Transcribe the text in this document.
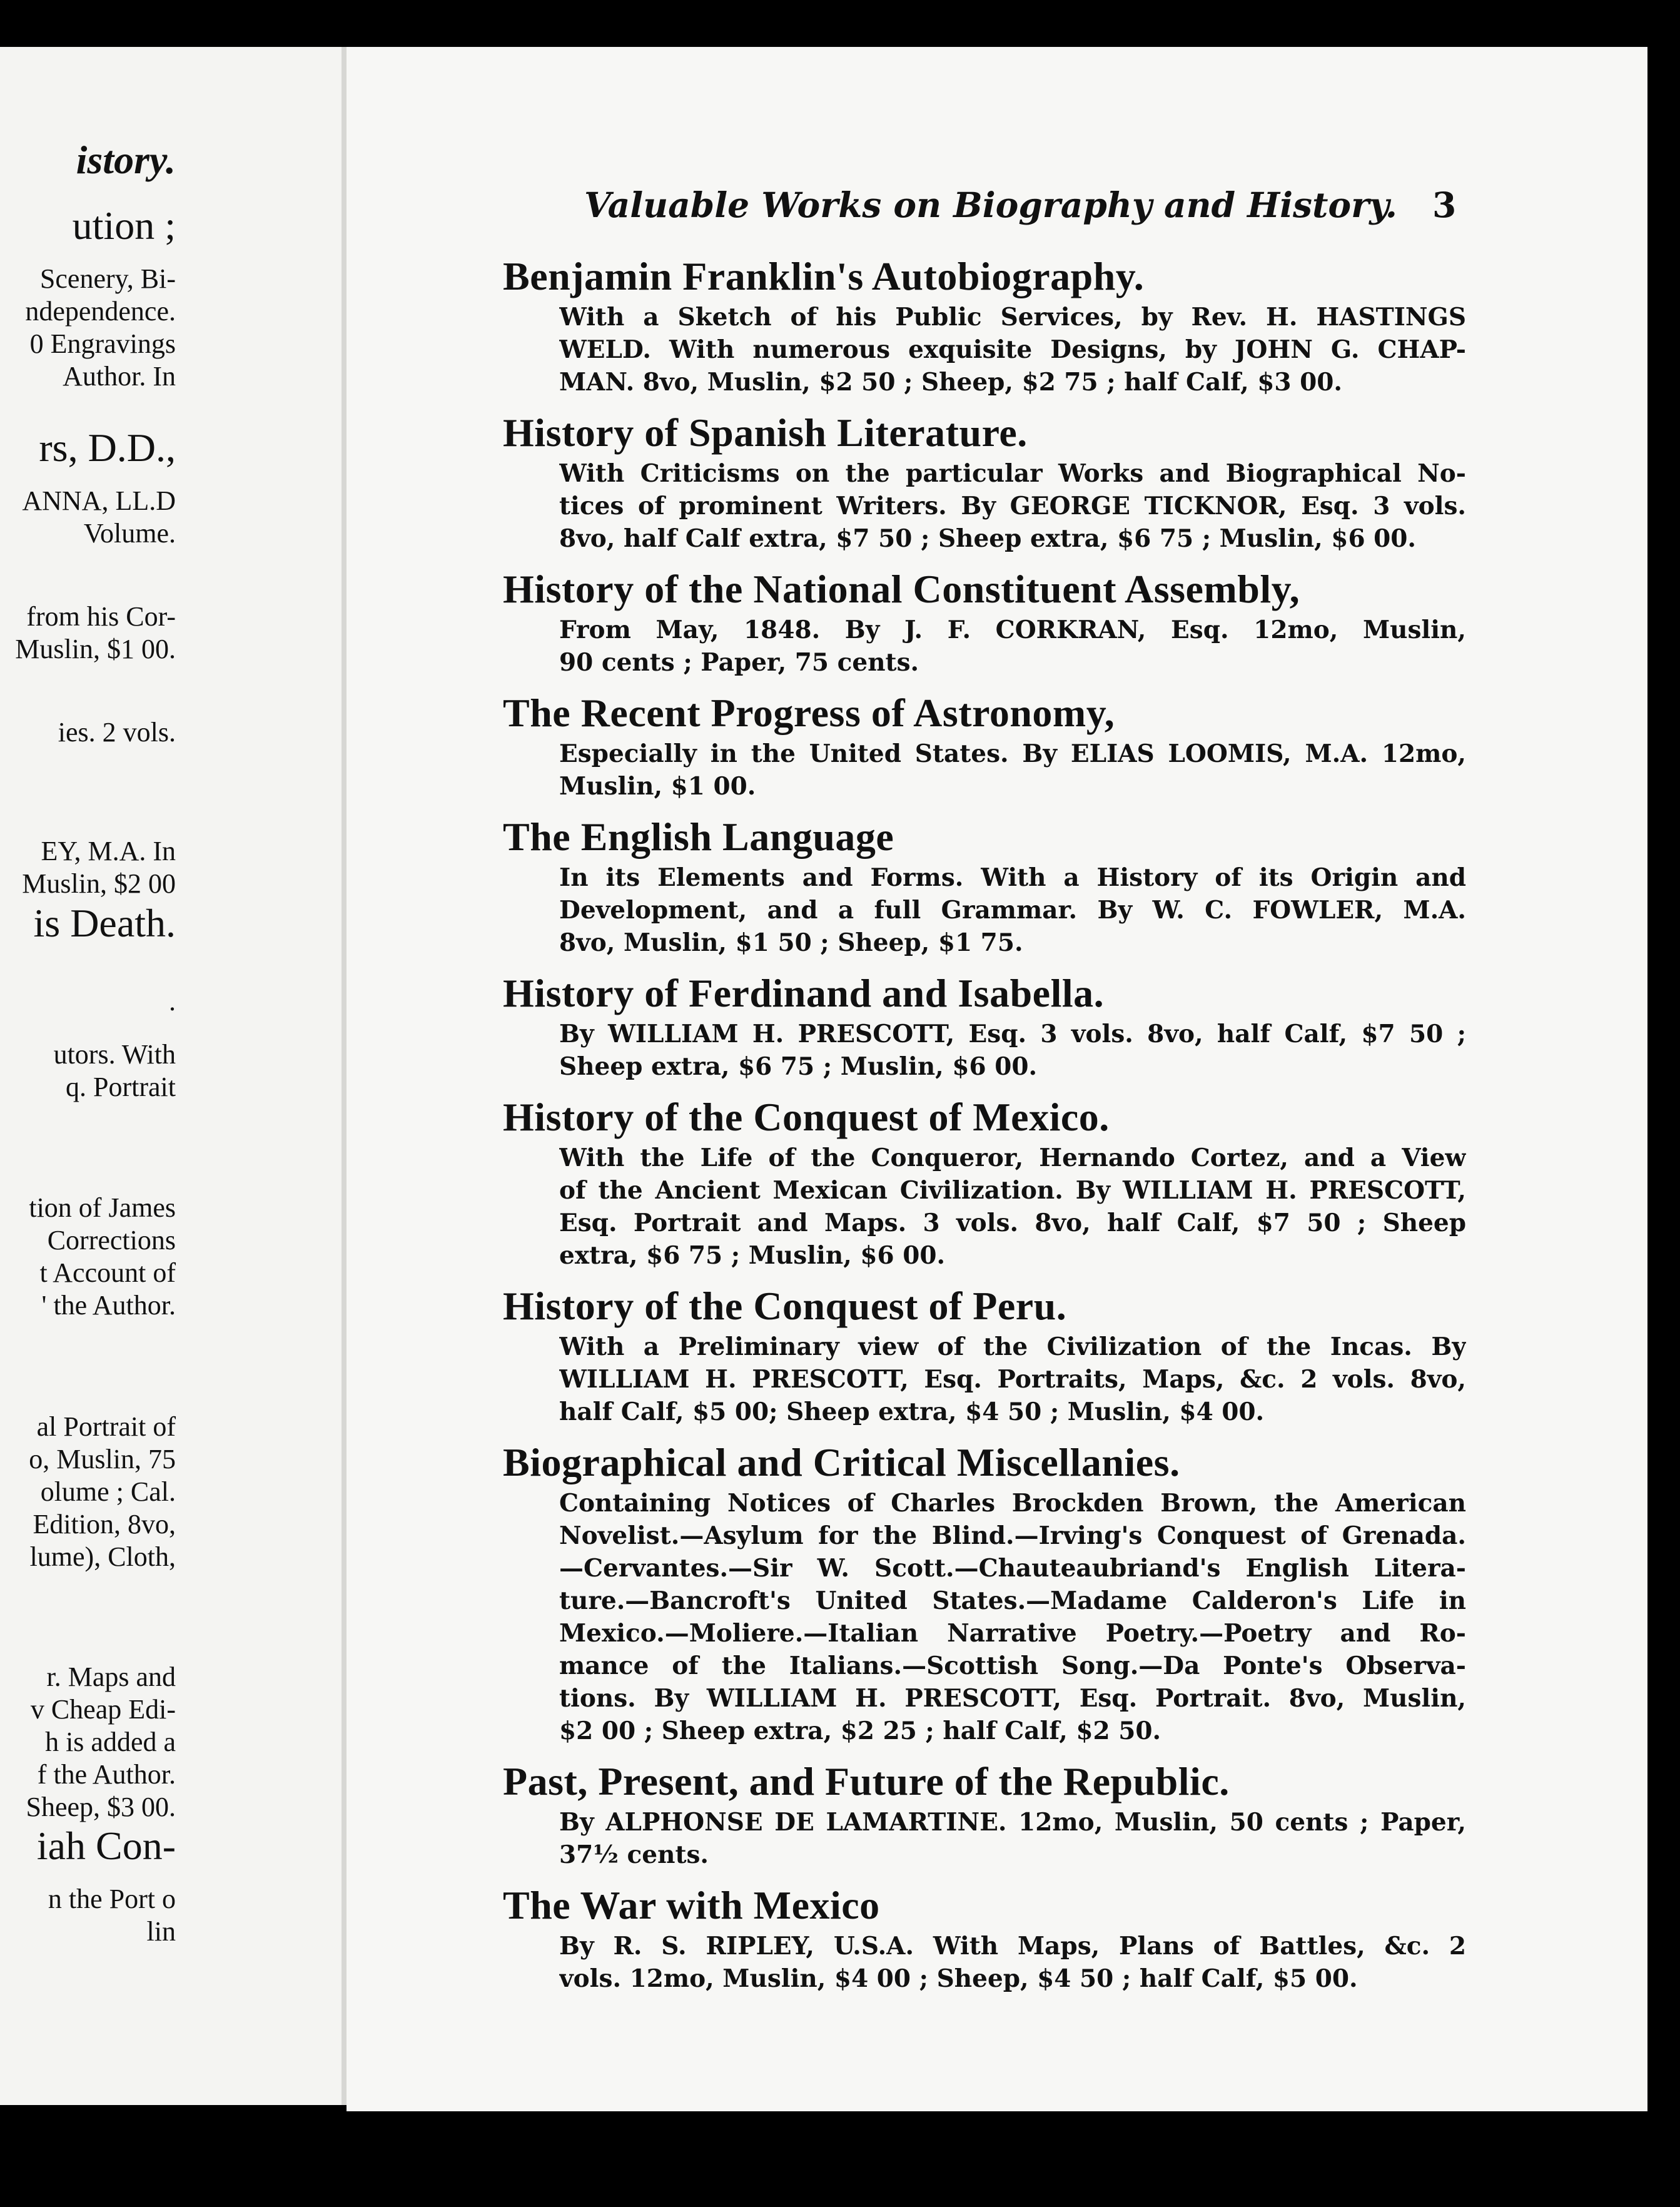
istory.
ution ;
Scenery, Bi-
ndependence.
0 Engravings
Author. In
rs, D.D.,
ANNA, LL.D
Volume.
from his Cor-
Muslin, $1 00.
ies. 2 vols.
EY, M.A. In
Muslin, $2 00
is Death.
.
utors. With
q. Portrait
tion of James
Corrections
t Account of
' the Author.
al Portrait of
o, Muslin, 75
olume ; Cal.
Edition, 8vo,
lume), Cloth,
r. Maps and
v Cheap Edi-
h is added a
f the Author.
Sheep, $3 00.
iah Con-
n the Port o
lin
Valuable Works on Biography and History. 3
Benjamin Franklin's Autobiography.
With a Sketch of his Public Services, by Rev. H. HASTINGS
WELD. With numerous exquisite Designs, by JOHN G. CHAP-
MAN. 8vo, Muslin, $2 50 ; Sheep, $2 75 ; half Calf, $3 00.
History of Spanish Literature.
With Criticisms on the particular Works and Biographical No-
tices of prominent Writers. By GEORGE TICKNOR, Esq. 3 vols.
8vo, half Calf extra, $7 50 ; Sheep extra, $6 75 ; Muslin, $6 00.
History of the National Constituent Assembly,
From May, 1848. By J. F. CORKRAN, Esq. 12mo, Muslin,
90 cents ; Paper, 75 cents.
The Recent Progress of Astronomy,
Especially in the United States. By ELIAS LOOMIS, M.A. 12mo,
Muslin, $1 00.
The English Language
In its Elements and Forms. With a History of its Origin and
Development, and a full Grammar. By W. C. FOWLER, M.A.
8vo, Muslin, $1 50 ; Sheep, $1 75.
History of Ferdinand and Isabella.
By WILLIAM H. PRESCOTT, Esq. 3 vols. 8vo, half Calf, $7 50 ;
Sheep extra, $6 75 ; Muslin, $6 00.
History of the Conquest of Mexico.
With the Life of the Conqueror, Hernando Cortez, and a View
of the Ancient Mexican Civilization. By WILLIAM H. PRESCOTT,
Esq. Portrait and Maps. 3 vols. 8vo, half Calf, $7 50 ; Sheep
extra, $6 75 ; Muslin, $6 00.
History of the Conquest of Peru.
With a Preliminary view of the Civilization of the Incas. By
WILLIAM H. PRESCOTT, Esq. Portraits, Maps, &c. 2 vols. 8vo,
half Calf, $5 00; Sheep extra, $4 50 ; Muslin, $4 00.
Biographical and Critical Miscellanies.
Containing Notices of Charles Brockden Brown, the American
Novelist.—Asylum for the Blind.—Irving's Conquest of Grenada.
—Cervantes.—Sir W. Scott.—Chauteaubriand's English Litera-
ture.—Bancroft's United States.—Madame Calderon's Life in
Mexico.—Moliere.—Italian Narrative Poetry.—Poetry and Ro-
mance of the Italians.—Scottish Song.—Da Ponte's Observa-
tions. By WILLIAM H. PRESCOTT, Esq. Portrait. 8vo, Muslin,
$2 00 ; Sheep extra, $2 25 ; half Calf, $2 50.
Past, Present, and Future of the Republic.
By ALPHONSE DE LAMARTINE. 12mo, Muslin, 50 cents ; Paper,
37½ cents.
The War with Mexico
By R. S. RIPLEY, U.S.A. With Maps, Plans of Battles, &c. 2
vols. 12mo, Muslin, $4 00 ; Sheep, $4 50 ; half Calf, $5 00.
